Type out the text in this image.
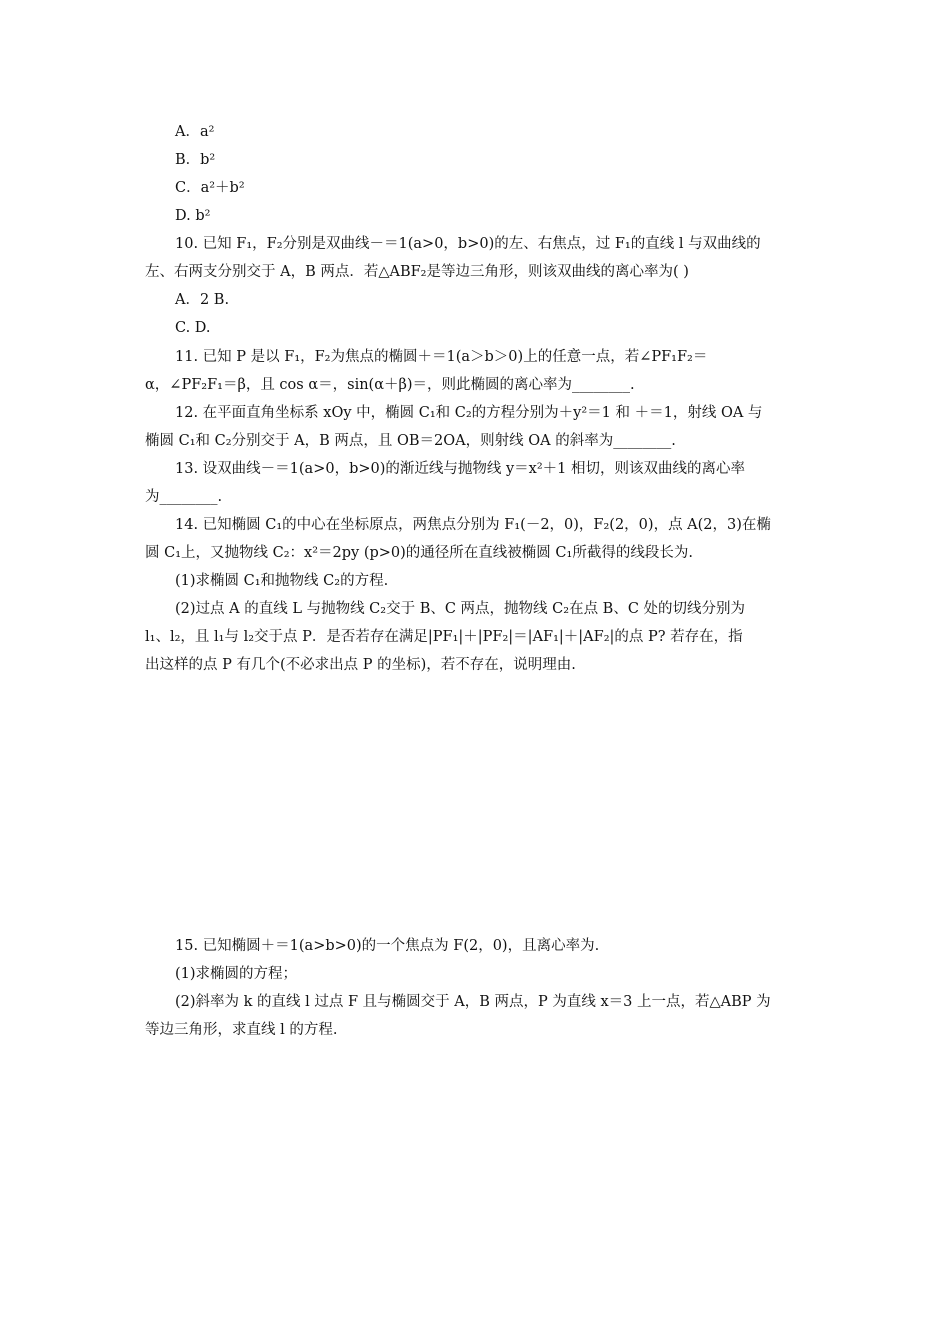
A．a²
B．b²
C．a²＋b²
D. b²
10. 已知 F₁，F₂分别是双曲线－＝1(a>0，b>0)的左、右焦点，过 F₁的直线 l 与双曲线的
左、右两支分别交于 A，B 两点．若△ABF₂是等边三角形，则该双曲线的离心率为( )
A．2 B.
C. D.
11. 已知 P 是以 F₁，F₂为焦点的椭圆＋＝1(a＞b＞0)上的任意一点，若∠PF₁F₂＝
α，∠PF₂F₁＝β，且 cos α＝，sin(α＋β)＝，则此椭圆的离心率为________.
12. 在平面直角坐标系 xOy 中，椭圆 C₁和 C₂的方程分别为＋y²＝1 和 ＋＝1，射线 OA 与
椭圆 C₁和 C₂分别交于 A，B 两点，且 OB＝2OA，则射线 OA 的斜率为________.
13. 设双曲线－＝1(a>0，b>0)的渐近线与抛物线 y＝x²＋1 相切，则该双曲线的离心率
为________.
14. 已知椭圆 C₁的中心在坐标原点，两焦点分别为 F₁(－2，0)，F₂(2，0)，点 A(2，3)在椭
圆 C₁上，又抛物线 C₂：x²＝2py (p>0)的通径所在直线被椭圆 C₁所截得的线段长为.
(1)求椭圆 C₁和抛物线 C₂的方程.
(2)过点 A 的直线 L 与抛物线 C₂交于 B、C 两点，抛物线 C₂在点 B、C 处的切线分别为
l₁、l₂，且 l₁与 l₂交于点 P．是否若存在满足|PF₁|＋|PF₂|＝|AF₁|＋|AF₂|的点 P? 若存在，指
出这样的点 P 有几个(不必求出点 P 的坐标)，若不存在，说明理由.
15. 已知椭圆＋＝1(a>b>0)的一个焦点为 F(2，0)，且离心率为.
(1)求椭圆的方程；
(2)斜率为 k 的直线 l 过点 F 且与椭圆交于 A，B 两点，P 为直线 x＝3 上一点，若△ABP 为
等边三角形，求直线 l 的方程.
